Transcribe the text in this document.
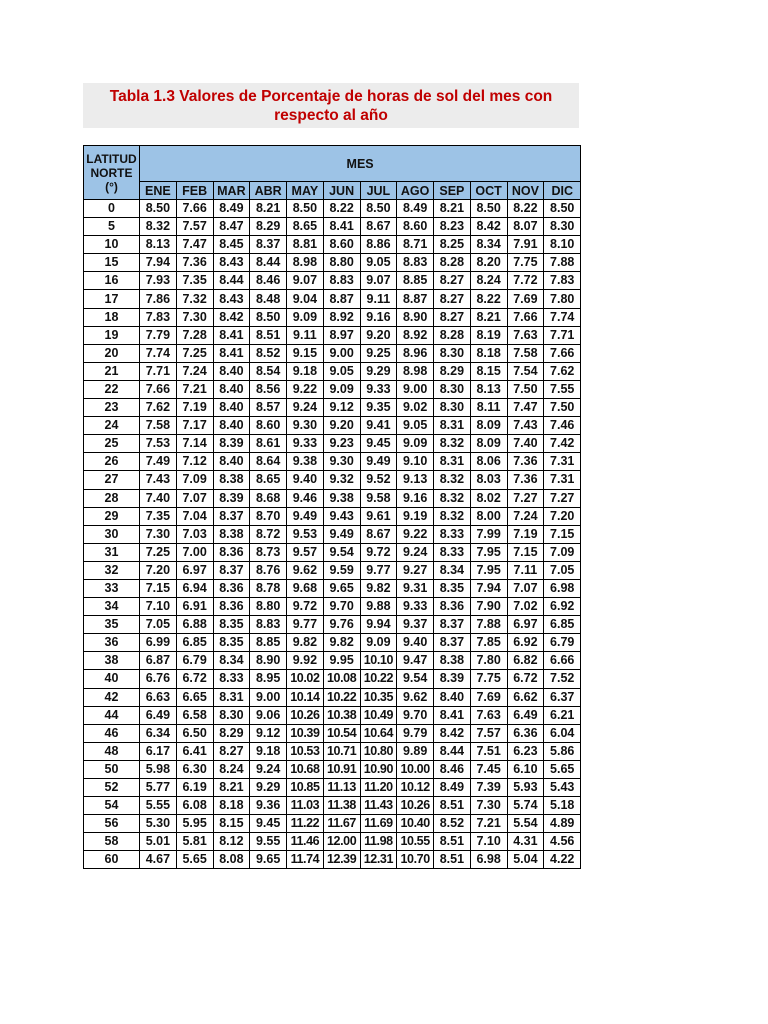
Tabla 1.3 Valores de Porcentaje de horas de sol del mes con respecto al año
LATITUD NORTE (°)	MES											
	ENE	FEB	MAR	ABR	MAY	JUN	JUL	AGO	SEP	OCT	NOV	DIC
0	8.50	7.66	8.49	8.21	8.50	8.22	8.50	8.49	8.21	8.50	8.22	8.50
5	8.32	7.57	8.47	8.29	8.65	8.41	8.67	8.60	8.23	8.42	8.07	8.30
10	8.13	7.47	8.45	8.37	8.81	8.60	8.86	8.71	8.25	8.34	7.91	8.10
15	7.94	7.36	8.43	8.44	8.98	8.80	9.05	8.83	8.28	8.20	7.75	7.88
16	7.93	7.35	8.44	8.46	9.07	8.83	9.07	8.85	8.27	8.24	7.72	7.83
17	7.86	7.32	8.43	8.48	9.04	8.87	9.11	8.87	8.27	8.22	7.69	7.80
18	7.83	7.30	8.42	8.50	9.09	8.92	9.16	8.90	8.27	8.21	7.66	7.74
19	7.79	7.28	8.41	8.51	9.11	8.97	9.20	8.92	8.28	8.19	7.63	7.71
20	7.74	7.25	8.41	8.52	9.15	9.00	9.25	8.96	8.30	8.18	7.58	7.66
21	7.71	7.24	8.40	8.54	9.18	9.05	9.29	8.98	8.29	8.15	7.54	7.62
22	7.66	7.21	8.40	8.56	9.22	9.09	9.33	9.00	8.30	8.13	7.50	7.55
23	7.62	7.19	8.40	8.57	9.24	9.12	9.35	9.02	8.30	8.11	7.47	7.50
24	7.58	7.17	8.40	8.60	9.30	9.20	9.41	9.05	8.31	8.09	7.43	7.46
25	7.53	7.14	8.39	8.61	9.33	9.23	9.45	9.09	8.32	8.09	7.40	7.42
26	7.49	7.12	8.40	8.64	9.38	9.30	9.49	9.10	8.31	8.06	7.36	7.31
27	7.43	7.09	8.38	8.65	9.40	9.32	9.52	9.13	8.32	8.03	7.36	7.31
28	7.40	7.07	8.39	8.68	9.46	9.38	9.58	9.16	8.32	8.02	7.27	7.27
29	7.35	7.04	8.37	8.70	9.49	9.43	9.61	9.19	8.32	8.00	7.24	7.20
30	7.30	7.03	8.38	8.72	9.53	9.49	8.67	9.22	8.33	7.99	7.19	7.15
31	7.25	7.00	8.36	8.73	9.57	9.54	9.72	9.24	8.33	7.95	7.15	7.09
32	7.20	6.97	8.37	8.76	9.62	9.59	9.77	9.27	8.34	7.95	7.11	7.05
33	7.15	6.94	8.36	8.78	9.68	9.65	9.82	9.31	8.35	7.94	7.07	6.98
34	7.10	6.91	8.36	8.80	9.72	9.70	9.88	9.33	8.36	7.90	7.02	6.92
35	7.05	6.88	8.35	8.83	9.77	9.76	9.94	9.37	8.37	7.88	6.97	6.85
36	6.99	6.85	8.35	8.85	9.82	9.82	9.09	9.40	8.37	7.85	6.92	6.79
38	6.87	6.79	8.34	8.90	9.92	9.95	10.10	9.47	8.38	7.80	6.82	6.66
40	6.76	6.72	8.33	8.95	10.02	10.08	10.22	9.54	8.39	7.75	6.72	7.52
42	6.63	6.65	8.31	9.00	10.14	10.22	10.35	9.62	8.40	7.69	6.62	6.37
44	6.49	6.58	8.30	9.06	10.26	10.38	10.49	9.70	8.41	7.63	6.49	6.21
46	6.34	6.50	8.29	9.12	10.39	10.54	10.64	9.79	8.42	7.57	6.36	6.04
48	6.17	6.41	8.27	9.18	10.53	10.71	10.80	9.89	8.44	7.51	6.23	5.86
50	5.98	6.30	8.24	9.24	10.68	10.91	10.90	10.00	8.46	7.45	6.10	5.65
52	5.77	6.19	8.21	9.29	10.85	11.13	11.20	10.12	8.49	7.39	5.93	5.43
54	5.55	6.08	8.18	9.36	11.03	11.38	11.43	10.26	8.51	7.30	5.74	5.18
56	5.30	5.95	8.15	9.45	11.22	11.67	11.69	10.40	8.52	7.21	5.54	4.89
58	5.01	5.81	8.12	9.55	11.46	12.00	11.98	10.55	8.51	7.10	4.31	4.56
60	4.67	5.65	8.08	9.65	11.74	12.39	12.31	10.70	8.51	6.98	5.04	4.22
